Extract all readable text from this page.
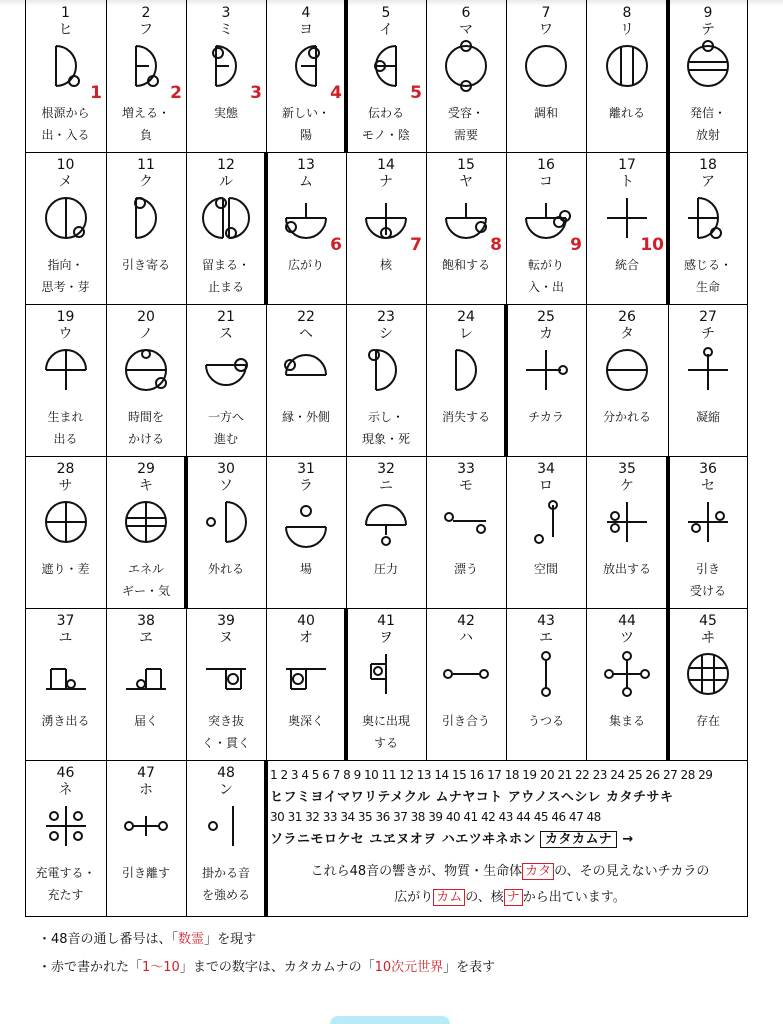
1
ヒ
1
根源から
出・入る
2
フ
2
増える・
負
3
ミ
3
実態
4
ヨ
4
新しい・
陽
5
イ
5
伝わる
モノ・陰
6
マ
受容・
需要
7
ワ
調和
8
リ
離れる
9
テ
発信・
放射
10
メ
指向・
思考・芽
11
ク
引き寄る
12
ル
留まる・
止まる
13
ム
6
広がり
14
ナ
7
核
15
ヤ
8
飽和する
16
コ
9
転がり
入・出
17
ト
10
統合
18
ア
感じる・
生命
19
ウ
生まれ
出る
20
ノ
時間を
かける
21
ス
一方へ
進む
22
ヘ
縁・外側
23
シ
示し・
現象・死
24
レ
消失する
25
カ
チカラ
26
タ
分かれる
27
チ
凝縮
28
サ
遮り・差
29
キ
エネル
ギー・気
30
ソ
外れる
31
ラ
場
32
ニ
圧力
33
モ
漂う
34
ロ
空間
35
ケ
放出する
36
セ
引き
受ける
37
ユ
湧き出る
38
ヱ
届く
39
ヌ
突き抜
く・貫く
40
オ
奥深く
41
ヲ
奥に出現
する
42
ハ
引き合う
43
エ
うつる
44
ツ
集まる
45
ヰ
存在
46
ネ
充電する・
充たす
47
ホ
引き離す
48
ン
掛かる音
を強める
1 2 3 4 5 6 7 8 9 10 11 12 13 14 15 16 17 18 19 20 21 22 23 24 25 26 27 28 29
ヒフミヨイマワリテメクル ムナヤコト アウノスヘシレ カタチサキ
30 31 32 33 34 35 36 37 38 39 40 41 42 43 44 45 46 47 48
ソラニモロケセ ユヱヌオヲ ハエツヰネホン カタカムナ →
これら48音の響きが、物質・生命体 カタ の、その見えないチカラの
広がり カム の、核 ナ から出ています。
・48音の通し番号は、「数霊」を現す
・赤で書かれた「1〜10」までの数字は、カタカムナの「10次元世界」を表す
